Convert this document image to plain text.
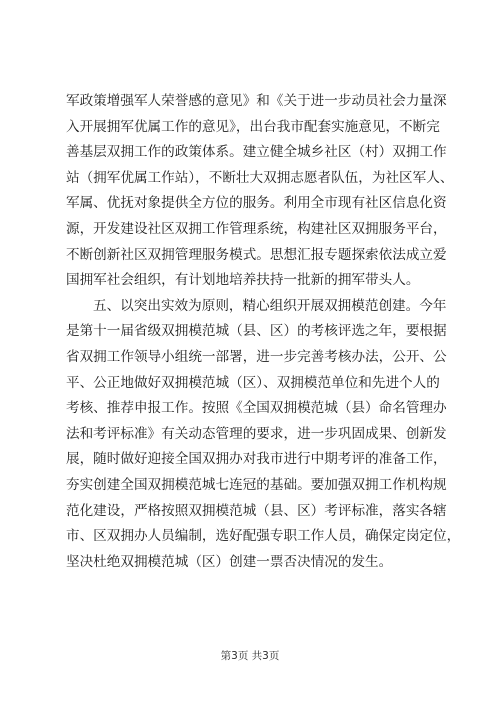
军政策增强军人荣誉感的意见》和《关于进一步动员社会力量深
入开展拥军优属工作的意见》，出台我市配套实施意见，不断完
善基层双拥工作的政策体系。建立健全城乡社区（村）双拥工作
站（拥军优属工作站），不断壮大双拥志愿者队伍，为社区军人、
军属、优抚对象提供全方位的服务。利用全市现有社区信息化资
源，开发建设社区双拥工作管理系统，构建社区双拥服务平台，
不断创新社区双拥管理服务模式。思想汇报专题探索依法成立爱
国拥军社会组织，有计划地培养扶持一批新的拥军带头人。
五、以突出实效为原则，精心组织开展双拥模范创建。今年
是第十一届省级双拥模范城（县、区）的考核评选之年，要根据
省双拥工作领导小组统一部署，进一步完善考核办法，公开、公
平、公正地做好双拥模范城（区）、双拥模范单位和先进个人的
考核、推荐申报工作。按照《全国双拥模范城（县）命名管理办
法和考评标准》有关动态管理的要求，进一步巩固成果、创新发
展，随时做好迎接全国双拥办对我市进行中期考评的准备工作，
夯实创建全国双拥模范城七连冠的基础。要加强双拥工作机构规
范化建设，严格按照双拥模范城（县、区）考评标准，落实各辖
市、区双拥办人员编制，选好配强专职工作人员，确保定岗定位，
坚决杜绝双拥模范城（区）创建一票否决情况的发生。
第3页 共3页
